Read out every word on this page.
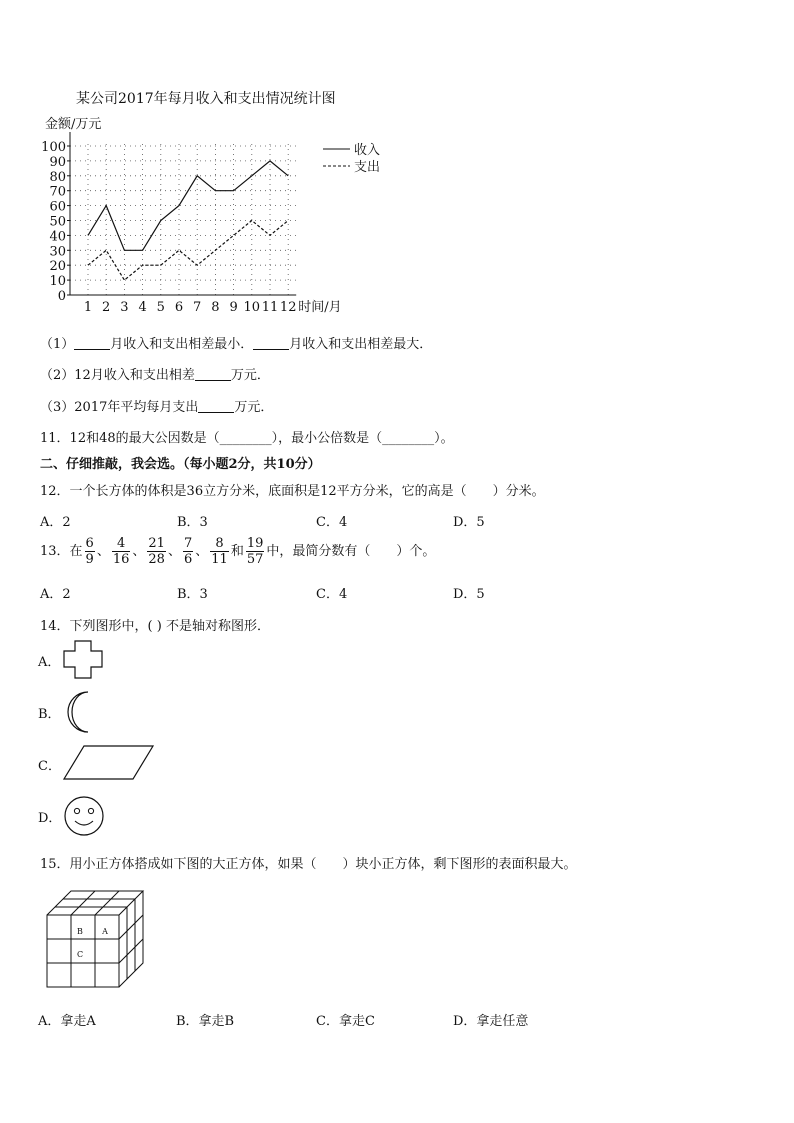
某公司2017年每月收入和支出情况统计图
0
10
20
30
40
50
60
70
80
90
100
1 2 3 4 5 6 7 8 9 10 11 12
金额/万元
时间/月
收入
支出
（1）	月收入和支出相差最小．	月收入和支出相差最大．
（2）12月收入和支出相差	万元．
（3）2017年平均每月支出	万元．
11．12和48的最大公因数是（________），最小公倍数是（________）。
二、仔细推敲，我会选。（每小题2分，共10分）
12．一个长方体的体积是36立方分米，底面积是12平方分米，它的高是（　　）分米。
A．2	B．3	C．4	D．5
13．在 $\frac{6}{9}$ 、 $\frac{4}{16}$ 、 $\frac{21}{28}$ 、 $\frac{7}{6}$ 、 $\frac{8}{11}$ 和 $\frac{19}{57}$ 中，最简分数有（　　）个。
A．2	B．3	C．4	D．5
14．下列图形中，( ) 不是轴对称图形．
A．
B．
C．
D．
15．用小正方体搭成如下图的大正方体，如果（　　）块小正方体，剩下图形的表面积最大。
B A
C
A．拿走A	B．拿走B	C．拿走C	D．拿走任意
